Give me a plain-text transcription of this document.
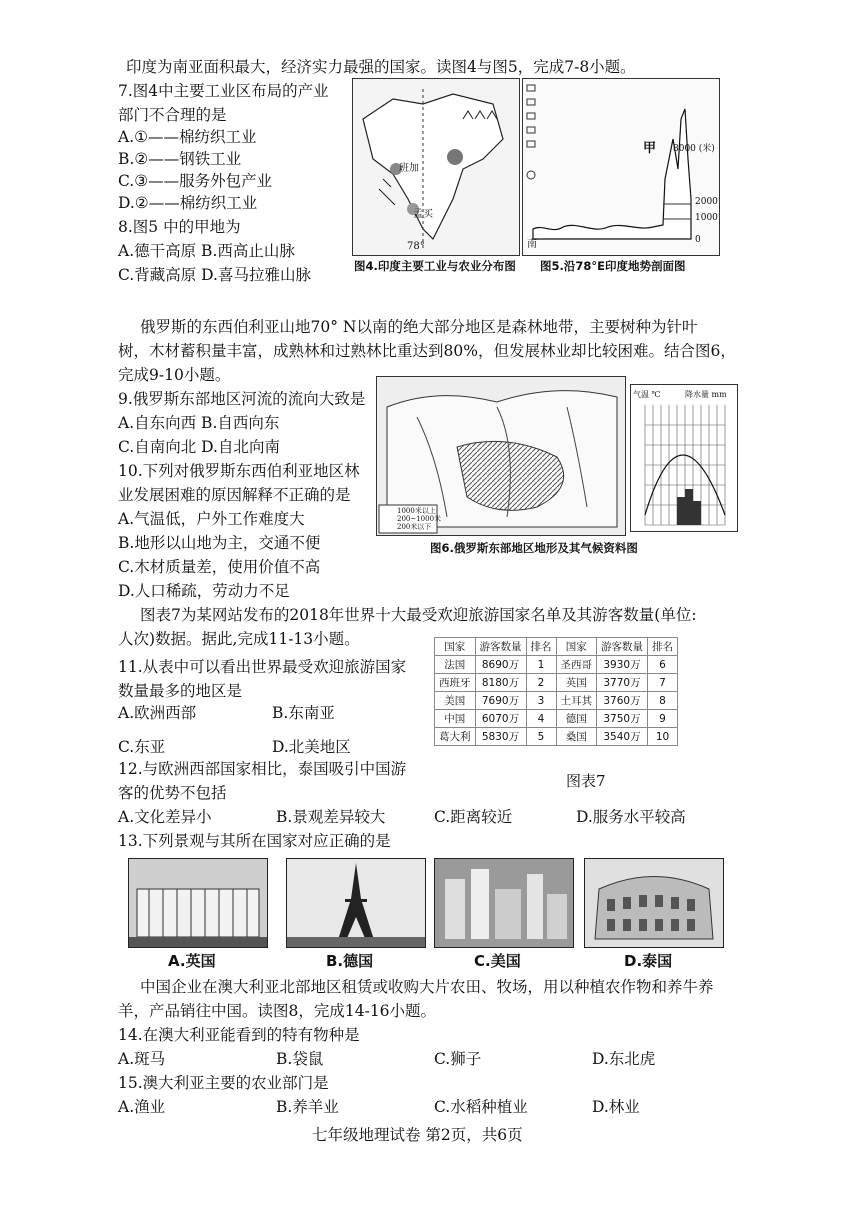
印度为南亚面积最大，经济实力最强的国家。读图4与图5，完成7-8小题。
7.图4中主要工业区布局的产业
部门不合理的是
A.①——棉纺织工业
B.②——钢铁工业
C.③——服务外包产业
D.②——棉纺织工业
8.图5 中的甲地为
A.德干高原 B.西高止山脉
C.背藏高原 D.喜马拉雅山脉
班加
孟买
78°
图4.印度主要工业与农业分布图
甲
南
8000 (米)
2000
1000
0
图5.沿78°E印度地势剖面图
俄罗斯的东西伯利亚山地70° N以南的绝大部分地区是森林地带，主要树种为针叶
树，木材蓄积量丰富，成熟林和过熟林比重达到80%，但发展林业却比较困难。结合图6，
完成9-10小题。
9.俄罗斯东部地区河流的流向大致是
A.自东向西 B.自西向东
C.自南向北 D.自北向南
10.下列对俄罗斯东西伯利亚地区林
业发展困难的原因解释不正确的是
A.气温低，户外工作难度大
B.地形以山地为主，交通不便
C.木材质量差，使用价值不高
D.人口稀疏，劳动力不足
1000米以上
200~1000米
200米以下
气温 ℃	降水量 mm
图6.俄罗斯东部地区地形及其气候资料图
图表7为某网站发布的2018年世界十大最受欢迎旅游国家名单及其游客数量(单位:
人次)数据。据此,完成11-13小题。	国家	游客数量	排名	国家	游客数量	排名
法国	8690万	1	圣西哥	3930万	6
西班牙	8180万	2	英国	3770万	7
美国	7690万	3	土耳其	3760万	8
中国	6070万	4	德国	3750万	9
葛大利	5830万	5	桑国	3540万	10
图表7
11.从表中可以看出世界最受欢迎旅游国家
数量最多的地区是
A.欧洲西部	B.东南亚
C.东亚	D.北美地区
12.与欧洲西部国家相比，泰国吸引中国游
客的优势不包括
A.文化差异小	B.景观差异较大	C.距离较近	D.服务水平较高
13.下列景观与其所在国家对应正确的是
A.英国	B.德国	C.美国	D.泰国
中国企业在澳大利亚北部地区租赁或收购大片农田、牧场，用以种植农作物和养牛养
羊，产品销往中国。读图8，完成14-16小题。
14.在澳大利亚能看到的特有物种是
A.斑马	B.袋鼠	C.狮子	D.东北虎
15.澳大利亚主要的农业部门是
A.渔业	B.养羊业	C.水稻种植业	D.林业
七年级地理试卷 第2页，共6页
